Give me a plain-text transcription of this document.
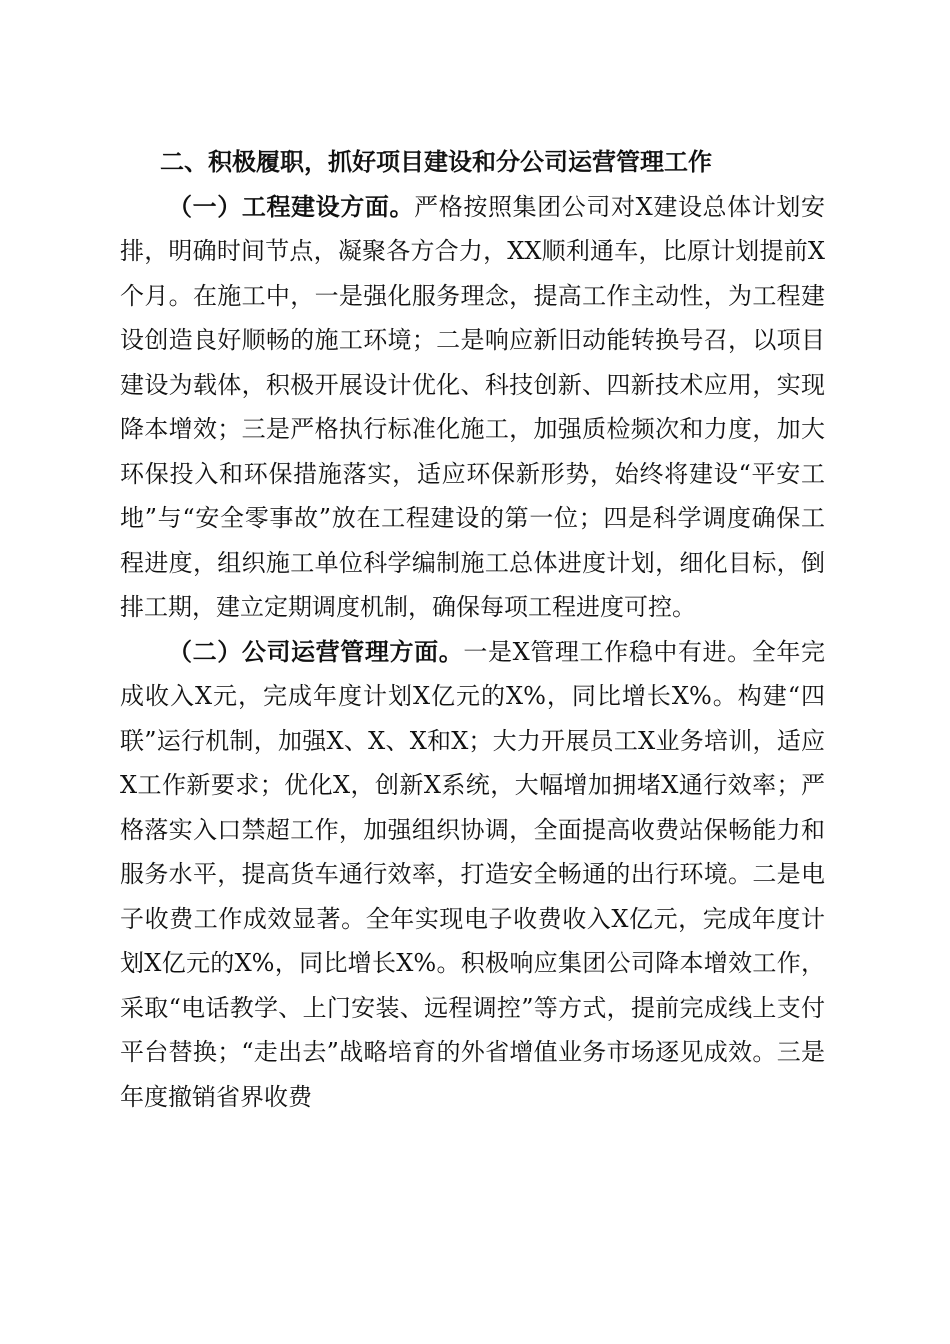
二、积极履职，抓好项目建设和分公司运营管理工作

（一）工程建设方面。严格按照集团公司对X建设总体计划安排，明确时间节点，凝聚各方合力，XX顺利通车，比原计划提前X个月。在施工中，一是强化服务理念，提高工作主动性，为工程建设创造良好顺畅的施工环境；二是响应新旧动能转换号召，以项目建设为载体，积极开展设计优化、科技创新、四新技术应用，实现降本增效；三是严格执行标准化施工，加强质检频次和力度，加大环保投入和环保措施落实，适应环保新形势，始终将建设“平安工地”与“安全零事故”放在工程建设的第一位；四是科学调度确保工程进度，组织施工单位科学编制施工总体进度计划，细化目标，倒排工期，建立定期调度机制，确保每项工程进度可控。

（二）公司运营管理方面。一是X管理工作稳中有进。全年完成收入X元，完成年度计划X亿元的X%，同比增长X%。构建“四联”运行机制，加强X、X、X和X；大力开展员工X业务培训，适应X工作新要求；优化X，创新X系统，大幅增加拥堵X通行效率；严格落实入口禁超工作，加强组织协调，全面提高收费站保畅能力和服务水平，提高货车通行效率，打造安全畅通的出行环境。二是电子收费工作成效显著。全年实现电子收费收入X亿元，完成年度计划X亿元的X%，同比增长X%。积极响应集团公司降本增效工作，采取“电话教学、上门安装、远程调控”等方式，提前完成线上支付平台替换；“走出去”战略培育的外省增值业务市场逐见成效。三是年度撤销省界收费
